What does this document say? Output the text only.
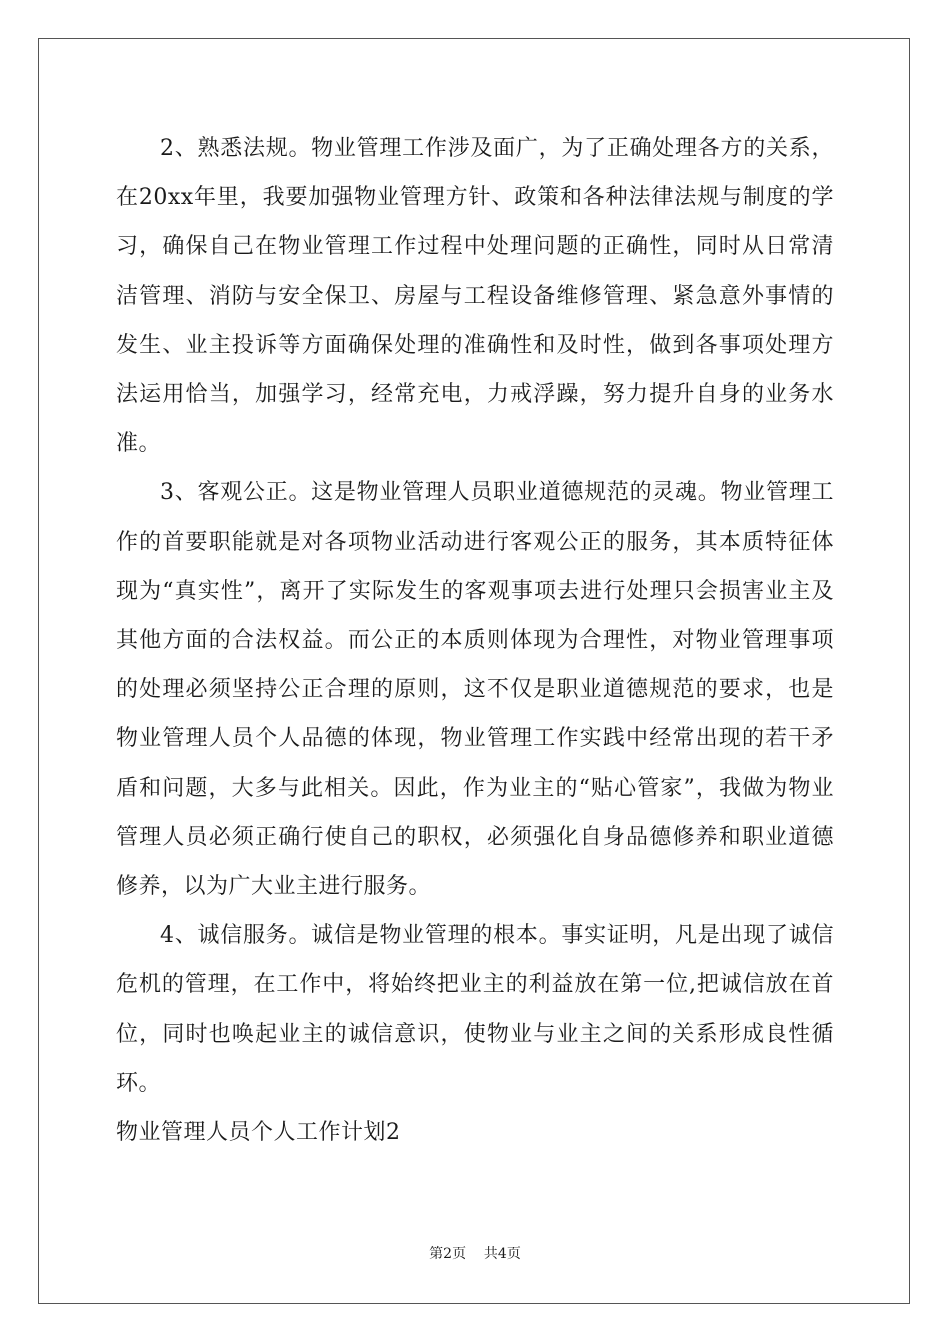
2、熟悉法规。物业管理工作涉及面广，为了正确处理各方的关系，在20xx年里，我要加强物业管理方针、政策和各种法律法规与制度的学习，确保自己在物业管理工作过程中处理问题的正确性，同时从日常清洁管理、消防与安全保卫、房屋与工程设备维修管理、紧急意外事情的发生、业主投诉等方面确保处理的准确性和及时性，做到各事项处理方法运用恰当，加强学习，经常充电，力戒浮躁，努力提升自身的业务水准。

3、客观公正。这是物业管理人员职业道德规范的灵魂。物业管理工作的首要职能就是对各项物业活动进行客观公正的服务，其本质特征体现为“真实性”，离开了实际发生的客观事项去进行处理只会损害业主及其他方面的合法权益。而公正的本质则体现为合理性，对物业管理事项的处理必须坚持公正合理的原则，这不仅是职业道德规范的要求，也是物业管理人员个人品德的体现，物业管理工作实践中经常出现的若干矛盾和问题，大多与此相关。因此，作为业主的“贴心管家”，我做为物业管理人员必须正确行使自己的职权，必须强化自身品德修养和职业道德修养，以为广大业主进行服务。

4、诚信服务。诚信是物业管理的根本。事实证明，凡是出现了诚信危机的管理，在工作中，将始终把业主的利益放在第一位,把诚信放在首位，同时也唤起业主的诚信意识，使物业与业主之间的关系形成良性循环。

物业管理人员个人工作计划2

第2页 共4页
